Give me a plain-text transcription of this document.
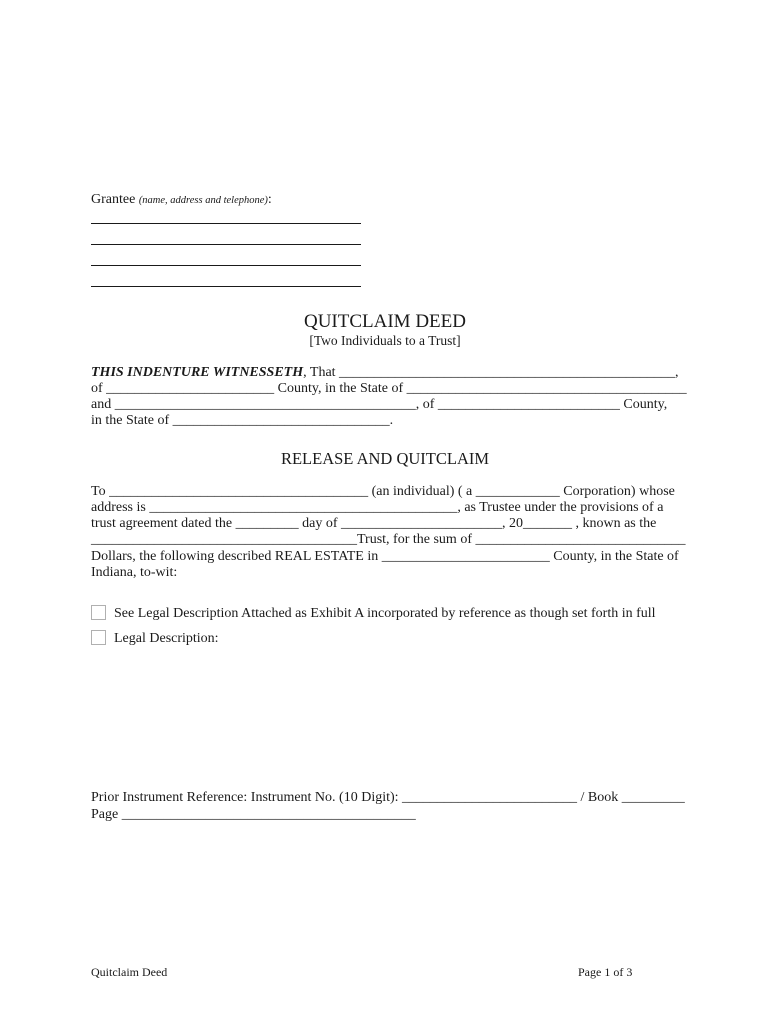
Grantee (name, address and telephone):
QUITCLAIM DEED
[Two Individuals to a Trust]
THIS INDENTURE WITNESSETH, That ________________________________________________,
of ________________________ County, in the State of ________________________________________
and ___________________________________________, of __________________________ County,
in the State of _______________________________.
RELEASE AND QUITCLAIM
To _____________________________________ (an individual) ( a ____________ Corporation) whose
address is ____________________________________________, as Trustee under the provisions of a
trust agreement dated the _________ day of _______________________, 20_______ , known as the
______________________________________Trust, for the sum of ______________________________
Dollars, the following described REAL ESTATE in ________________________ County, in the State of
Indiana, to-wit:
See Legal Description Attached as Exhibit A incorporated by reference as though set forth in full
Legal Description:
Prior Instrument Reference: Instrument No. (10 Digit): _________________________ / Book _________
Page __________________________________________
Quitclaim Deed	Page 1 of 3
